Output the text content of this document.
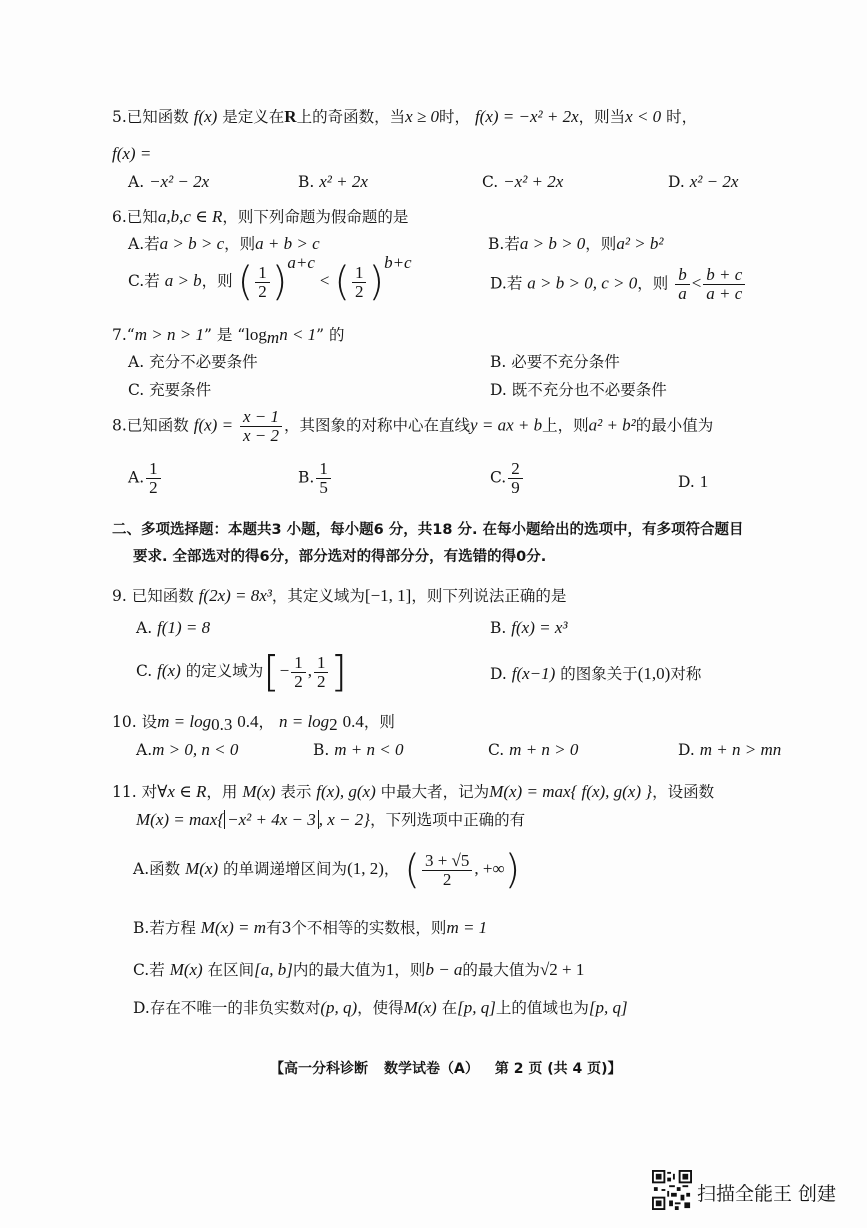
5.已知函数 f(x) 是定义在R上的奇函数，当x ≥ 0时， f(x) = −x² + 2x，则当x < 0 时，
f(x) =
A. −x² − 2x	B. x² + 2x	C. −x² + 2x	D. x² − 2x
6.已知a,b,c ∈ R，则下列命题为假命题的是
A.若a > b > c，则a + b > c	B.若a > b > 0，则a² > b²
C.若 a > b，则 ( $\frac{1}{2} )^{a+c}$ < ( $\frac{1}{2} )^{b+c}$
D.若 a > b > 0, c > 0，则 $\frac{b}{a} < \frac{b + c}{a + c}$
7.“m > n > 1” 是 “$\log_mn < 1$” 的
A. 充分不必要条件	B. 必要不充分条件
C. 充要条件	D. 既不充分也不必要条件
8.已知函数 $f(x) = \frac{x - 1}{x - 2}$ ，其图象的对称中心在直线y = ax + b上，则a² + b²的最小值为
A. $\frac{1}{2}$	B. $\frac{1}{5}$	C. $\frac{2}{9}$	D. 1
二、多项选择题：本题共3 小题，每小题6 分，共18 分. 在每小题给出的选项中，有多项符合题目
要求. 全部选对的得6分，部分选对的得部分分，有选错的得0分.
9. 已知函数 f(2x) = 8x³，其定义域为[−1, 1]，则下列说法正确的是
A. f(1) = 8	B. f(x) = x³
C. f(x) 的定义域为[− $\frac{1}{2}$ , $\frac{1}{2}$ ]	D. f(x−1) 的图象关于(1,0)对称
10. 设$m = \log_{0.3} 0.4$， $n = \log_2 0.4$，则
A.m > 0, n < 0	B. m + n < 0	C. m + n > 0	D. m + n > mn
11. 对∀x ∈ R，用 M(x) 表示 f(x), g(x) 中最大者，记为M(x) = max{ f(x), g(x) }，设函数
M(x) = max{ −x² + 4x − 3 , x − 2}，下列选项中正确的有
A.函数 M(x) 的单调递增区间为(1, 2)， ( $\frac{3 + √5}{2}$ , +∞)
B.若方程 M(x) = m有3个不相等的实数根，则m = 1
C.若 M(x) 在区间[a, b]内的最大值为1，则b − a的最大值为√2 + 1
D.存在不唯一的非负实数对(p, q)，使得M(x) 在[p, q]上的值域也为[p, q]
【高一分科诊断 数学试卷（A） 第 2 页 (共 4 页)】
扫描全能王 创建
